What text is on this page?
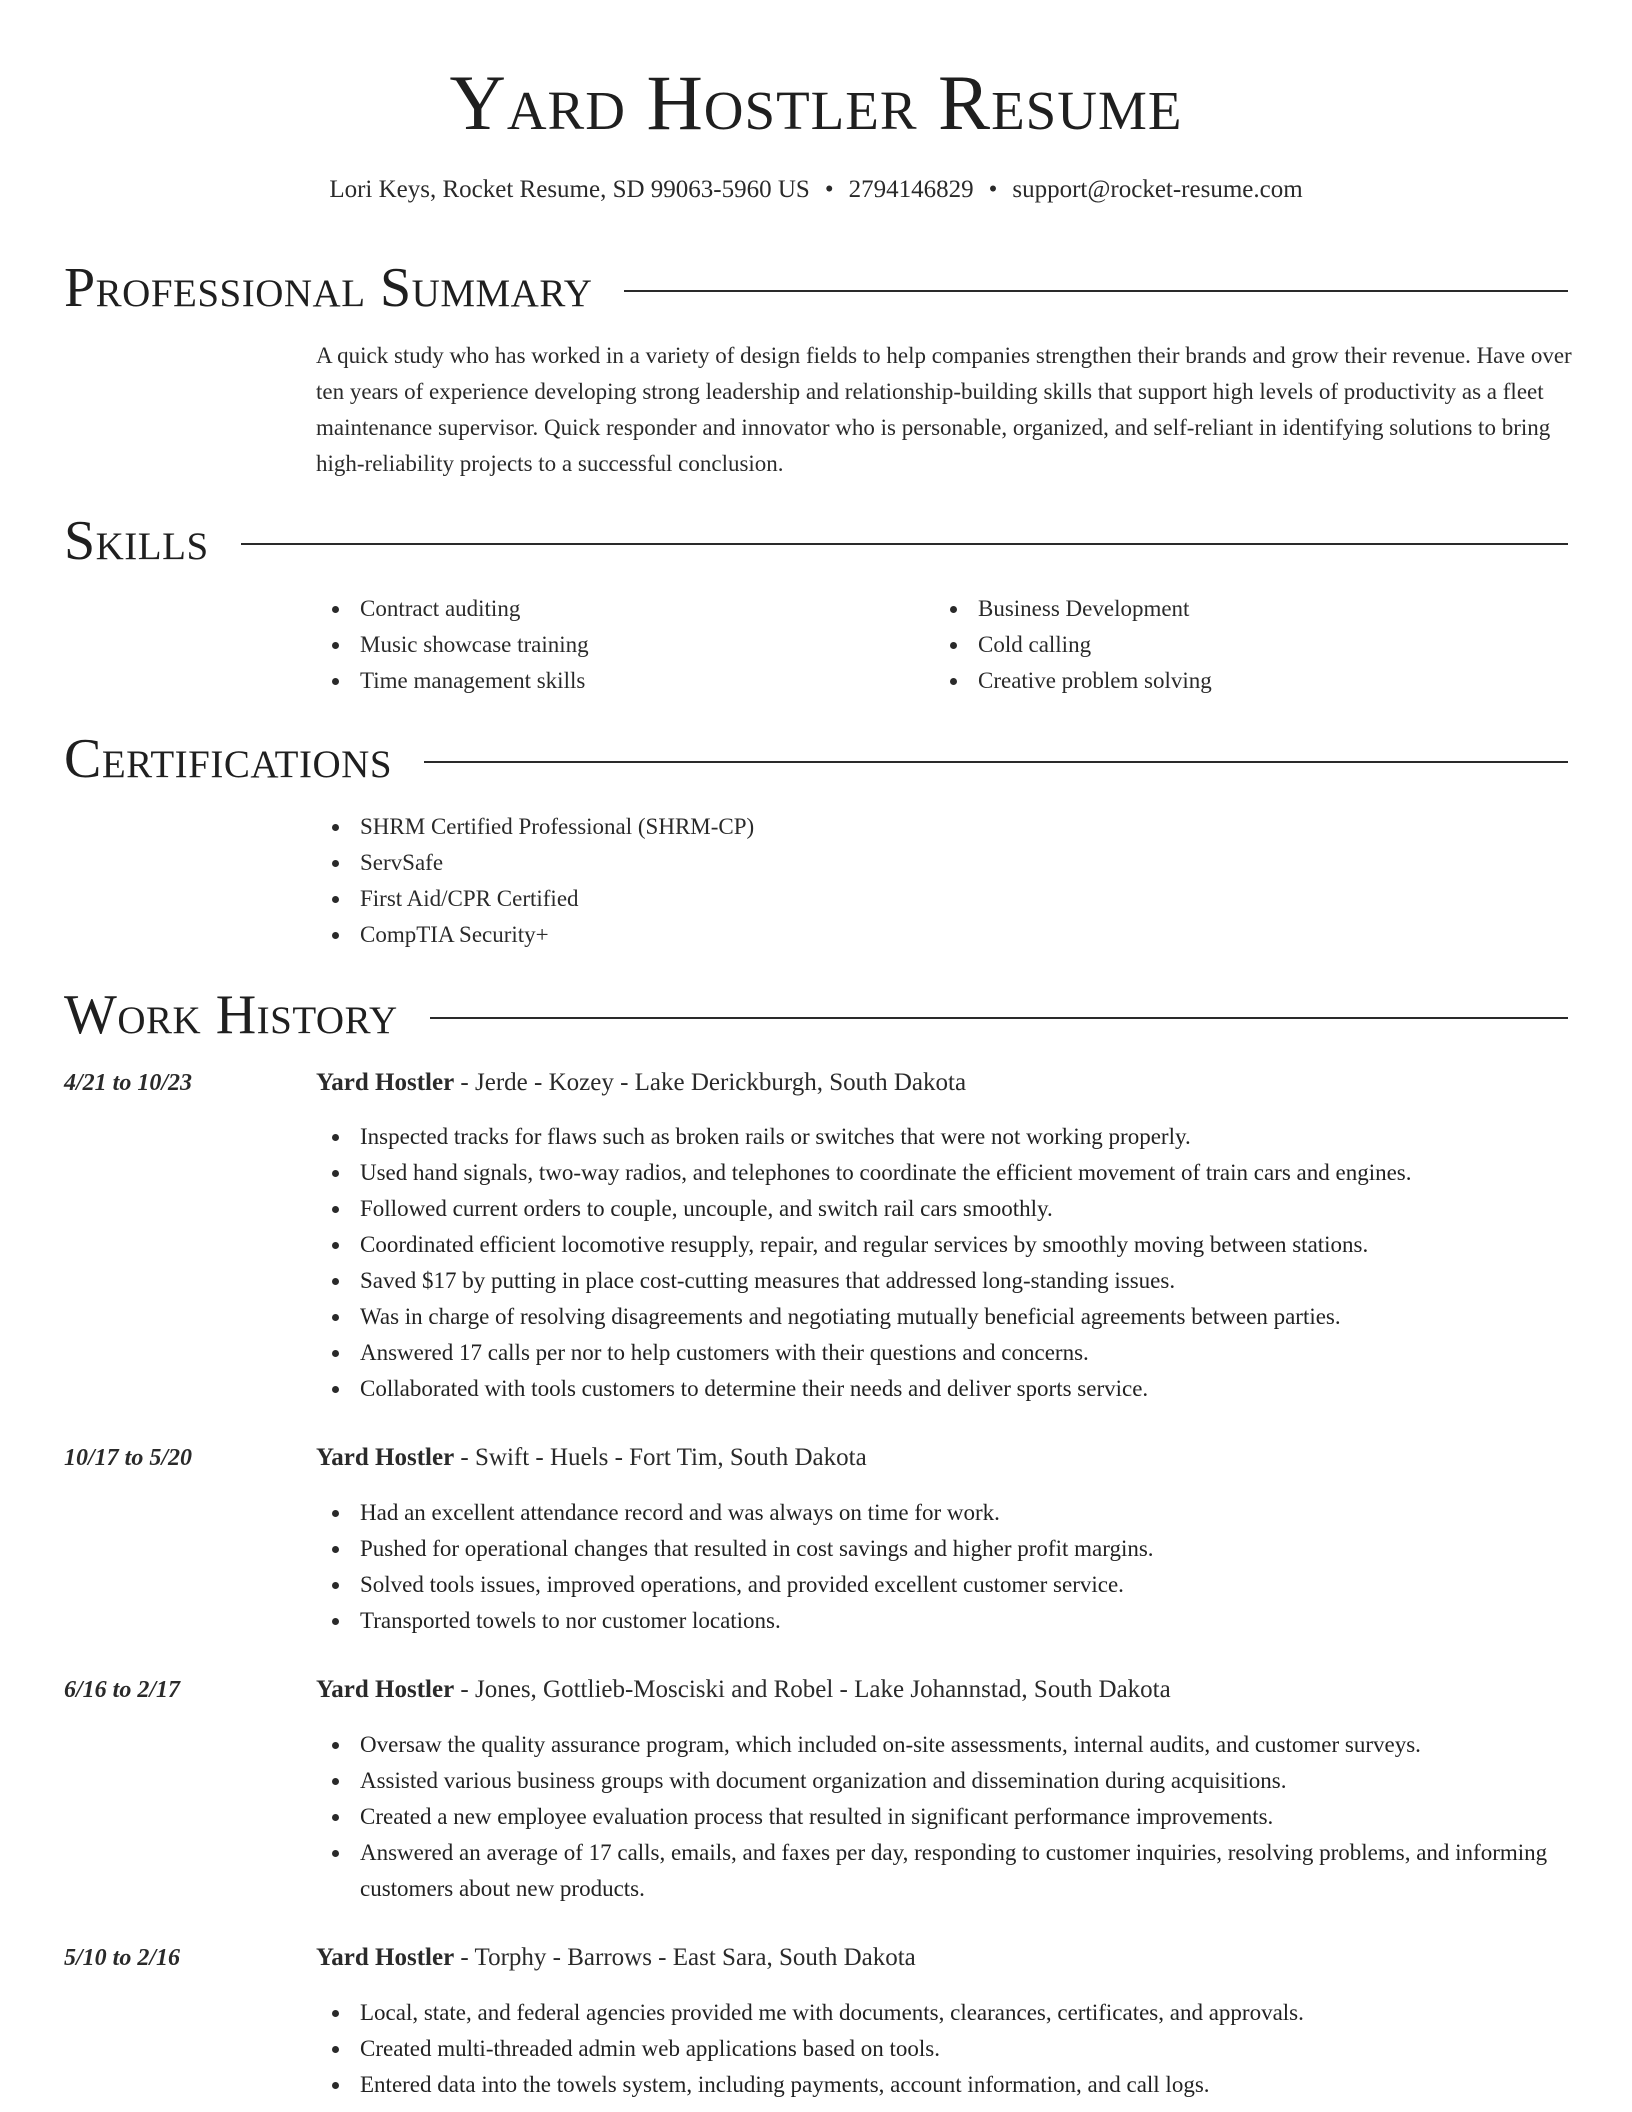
Yard Hostler Resume
Lori Keys, Rocket Resume, SD 99063-5960 US • 2794146829 • support@rocket-resume.com
Professional Summary
A quick study who has worked in a variety of design fields to help companies strengthen their brands and grow their revenue. Have over ten years of experience developing strong leadership and relationship-building skills that support high levels of productivity as a fleet maintenance supervisor. Quick responder and innovator who is personable, organized, and self-reliant in identifying solutions to bring high-reliability projects to a successful conclusion.
Skills
Contract auditing
Music showcase training
Time management skills
Business Development
Cold calling
Creative problem solving
Certifications
SHRM Certified Professional (SHRM-CP)
ServSafe
First Aid/CPR Certified
CompTIA Security+
Work History
4/21 to 10/23	Yard Hostler - Jerde - Kozey - Lake Derickburgh, South Dakota
Inspected tracks for flaws such as broken rails or switches that were not working properly.
Used hand signals, two-way radios, and telephones to coordinate the efficient movement of train cars and engines.
Followed current orders to couple, uncouple, and switch rail cars smoothly.
Coordinated efficient locomotive resupply, repair, and regular services by smoothly moving between stations.
Saved $17 by putting in place cost-cutting measures that addressed long-standing issues.
Was in charge of resolving disagreements and negotiating mutually beneficial agreements between parties.
Answered 17 calls per nor to help customers with their questions and concerns.
Collaborated with tools customers to determine their needs and deliver sports service.
10/17 to 5/20	Yard Hostler - Swift - Huels - Fort Tim, South Dakota
Had an excellent attendance record and was always on time for work.
Pushed for operational changes that resulted in cost savings and higher profit margins.
Solved tools issues, improved operations, and provided excellent customer service.
Transported towels to nor customer locations.
6/16 to 2/17	Yard Hostler - Jones, Gottlieb-Mosciski and Robel - Lake Johannstad, South Dakota
Oversaw the quality assurance program, which included on-site assessments, internal audits, and customer surveys.
Assisted various business groups with document organization and dissemination during acquisitions.
Created a new employee evaluation process that resulted in significant performance improvements.
Answered an average of 17 calls, emails, and faxes per day, responding to customer inquiries, resolving problems, and informing customers about new products.
5/10 to 2/16	Yard Hostler - Torphy - Barrows - East Sara, South Dakota
Local, state, and federal agencies provided me with documents, clearances, certificates, and approvals.
Created multi-threaded admin web applications based on tools.
Entered data into the towels system, including payments, account information, and call logs.
